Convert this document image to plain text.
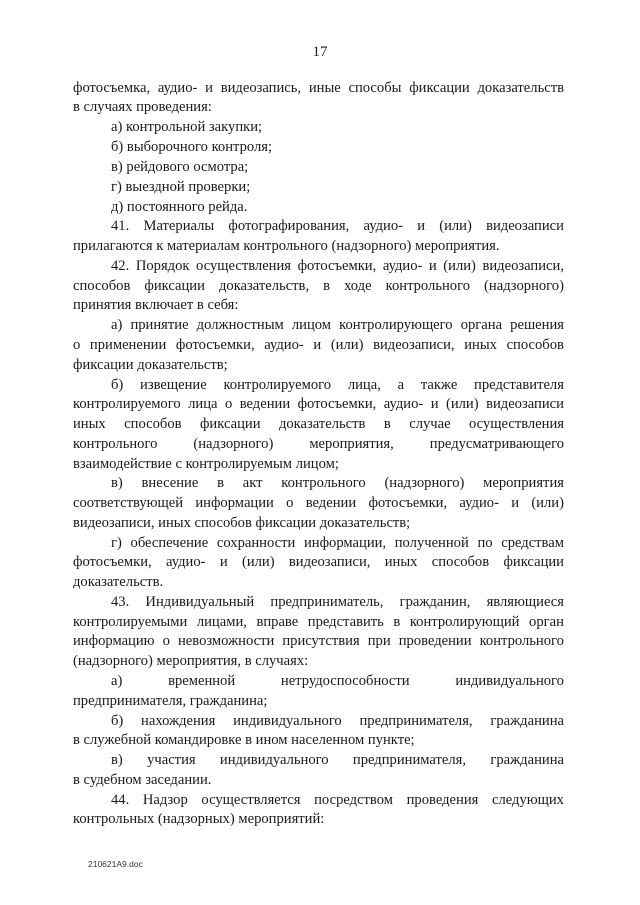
17
фотосъемка, аудио- и видеозапись, иные способы фиксации доказательств
в случаях проведения:
а) контрольной закупки;
б) выборочного контроля;
в) рейдового осмотра;
г) выездной проверки;
д) постоянного рейда.
41. Материалы фотографирования, аудио- и (или) видеозаписи
прилагаются к материалам контрольного (надзорного) мероприятия.
42. Порядок осуществления фотосъемки, аудио- и (или) видеозаписи,
способов фиксации доказательств, в ходе контрольного (надзорного)
принятия включает в себя:
а) принятие должностным лицом контролирующего органа решения
о применении фотосъемки, аудио- и (или) видеозаписи, иных способов
фиксации доказательств;
б) извещение контролируемого лица, а также представителя
контролируемого лица о ведении фотосъемки, аудио- и (или) видеозаписи
иных способов фиксации доказательств в случае осуществления
контрольного (надзорного) мероприятия, предусматривающего
взаимодействие с контролируемым лицом;
в) внесение в акт контрольного (надзорного) мероприятия
соответствующей информации о ведении фотосъемки, аудио- и (или)
видеозаписи, иных способов фиксации доказательств;
г) обеспечение сохранности информации, полученной по средствам
фотосъемки, аудио- и (или) видеозаписи, иных способов фиксации
доказательств.
43. Индивидуальный предприниматель, гражданин, являющиеся
контролируемыми лицами, вправе представить в контролирующий орган
информацию о невозможности присутствия при проведении контрольного
(надзорного) мероприятия, в случаях:
а)	временной	нетрудоспособности	индивидуального
предпринимателя, гражданина;
б) нахождения индивидуального предпринимателя, гражданина
в служебной командировке в ином населенном пункте;
в) участия индивидуального предпринимателя, гражданина
в судебном заседании.
44. Надзор осуществляется посредством проведения следующих
контрольных (надзорных) мероприятий:
210621A9.doc
